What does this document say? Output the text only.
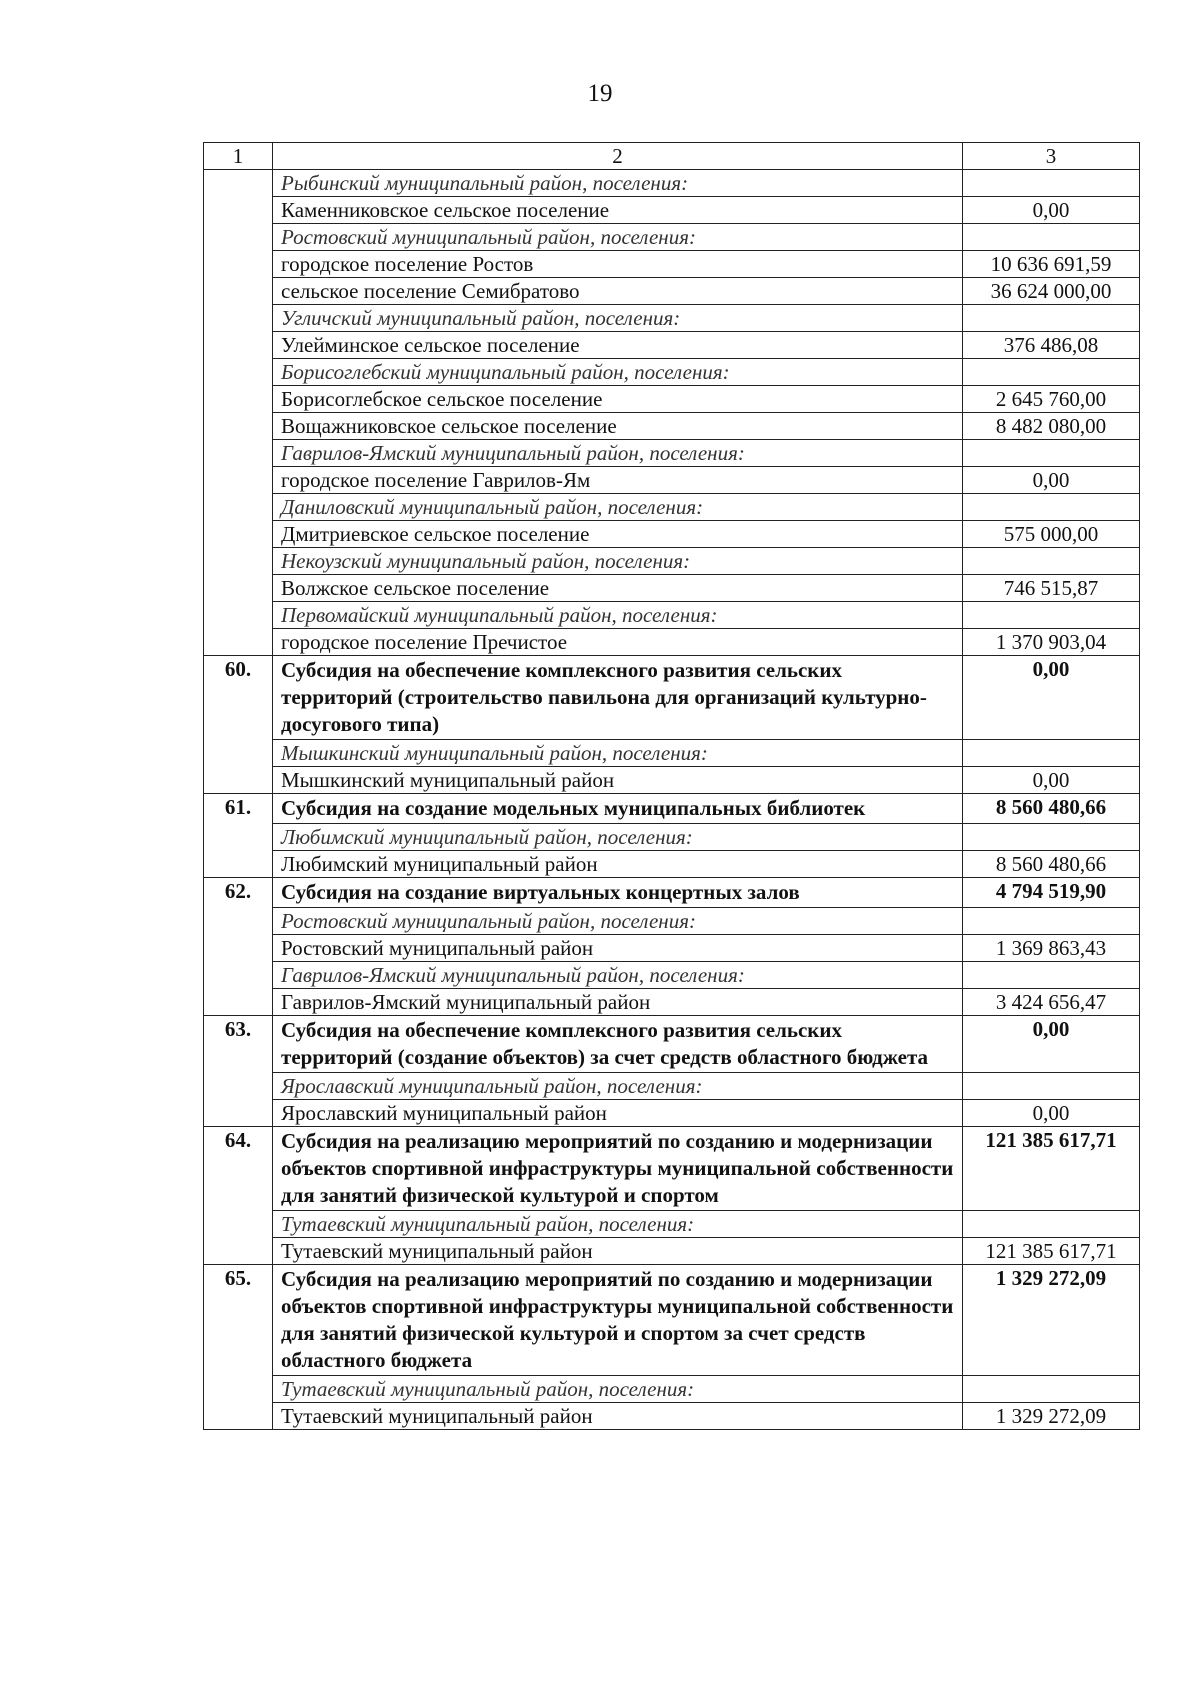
19
1	2	3
	Рыбинский муниципальный район, поселения:	
	Каменниковское сельское поселение	0,00
	Ростовский муниципальный район, поселения:	
	городское поселение Ростов	10 636 691,59
	сельское поселение Семибратово	36 624 000,00
	Угличский муниципальный район, поселения:	
	Улейминское сельское поселение	376 486,08
	Борисоглебский муниципальный район, поселения:	
	Борисоглебское сельское поселение	2 645 760,00
	Вощажниковское сельское поселение	8 482 080,00
	Гаврилов-Ямский муниципальный район, поселения:	
	городское поселение Гаврилов-Ям	0,00
	Даниловский муниципальный район, поселения:	
	Дмитриевское сельское поселение	575 000,00
	Некоузский муниципальный район, поселения:	
	Волжское сельское поселение	746 515,87
	Первомайский муниципальный район, поселения:	
	городское поселение Пречистое	1 370 903,04
60.	Субсидия на обеспечение комплексного развития сельских территорий (строительство павильона для организаций культурно-досугового типа)	0,00
	Мышкинский муниципальный район, поселения:	
	Мышкинский муниципальный район	0,00
61.	Субсидия на создание модельных муниципальных библиотек	8 560 480,66
	Любимский муниципальный район, поселения:	
	Любимский муниципальный район	8 560 480,66
62.	Субсидия на создание виртуальных концертных залов	4 794 519,90
	Ростовский муниципальный район, поселения:	
	Ростовский муниципальный район	1 369 863,43
	Гаврилов-Ямский муниципальный район, поселения:	
	Гаврилов-Ямский муниципальный район	3 424 656,47
63.	Субсидия на обеспечение комплексного развития сельских территорий (создание объектов) за счет средств областного бюджета	0,00
	Ярославский муниципальный район, поселения:	
	Ярославский муниципальный район	0,00
64.	Субсидия на реализацию мероприятий по созданию и модернизации объектов спортивной инфраструктуры муниципальной собственности для занятий физической культурой и спортом	121 385 617,71
	Тутаевский муниципальный район, поселения:	
	Тутаевский муниципальный район	121 385 617,71
65.	Субсидия на реализацию мероприятий по созданию и модернизации объектов спортивной инфраструктуры муниципальной собственности для занятий физической культурой и спортом за счет средств областного бюджета	1 329 272,09
	Тутаевский муниципальный район, поселения:	
	Тутаевский муниципальный район	1 329 272,09
